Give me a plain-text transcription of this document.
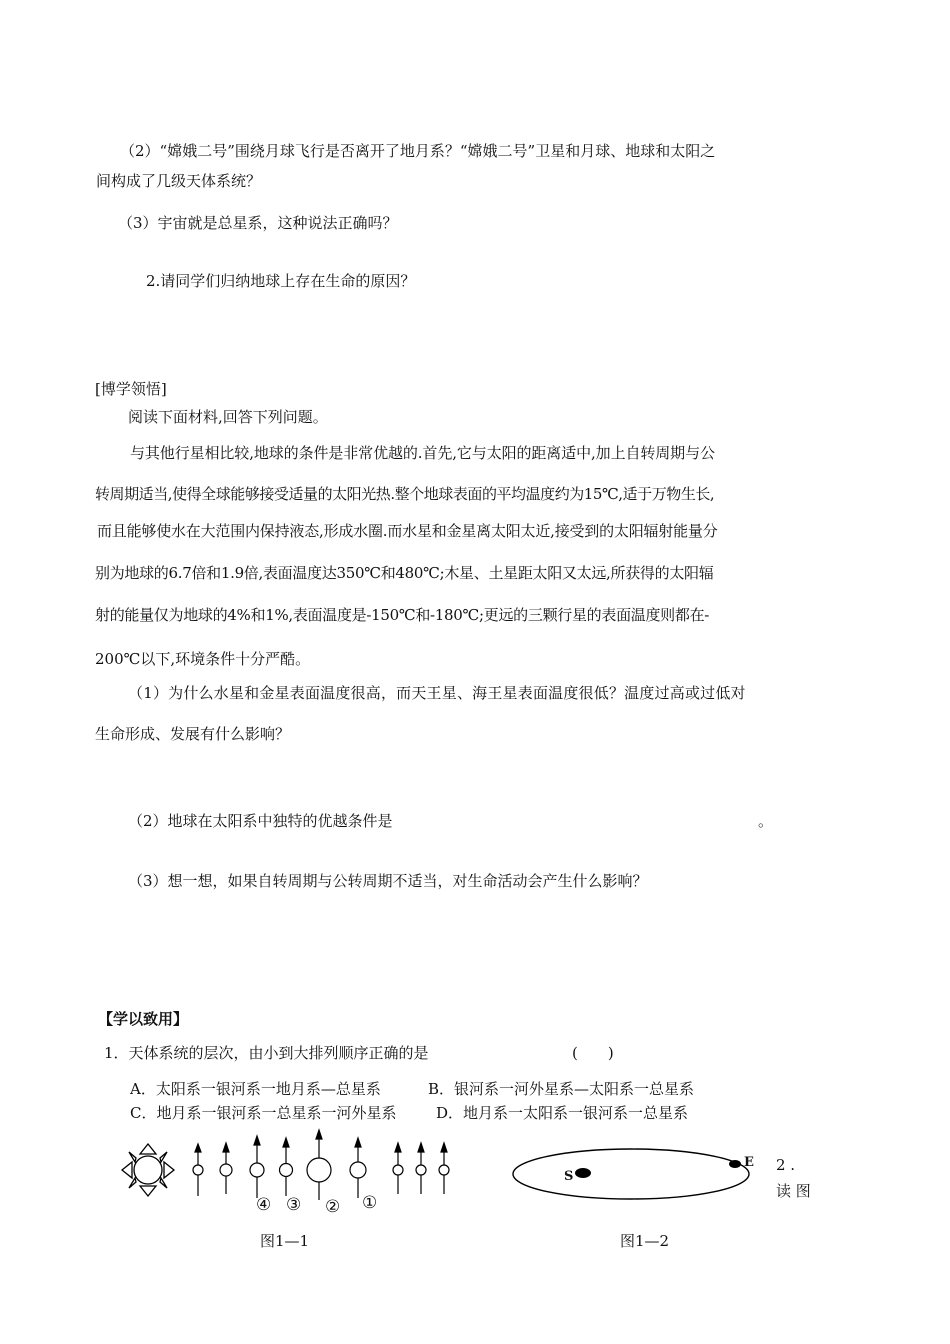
（2）“嫦娥二号”围绕月球飞行是否离开了地月系？“嫦娥二号”卫星和月球、地球和太阳之
间构成了几级天体系统？
（3）宇宙就是总星系，这种说法正确吗？
2.请同学们归纳地球上存在生命的原因？
[博学领悟]
阅读下面材料,回答下列问题。
与其他行星相比较,地球的条件是非常优越的.首先,它与太阳的距离适中,加上自转周期与公
转周期适当,使得全球能够接受适量的太阳光热.整个地球表面的平均温度约为15℃,适于万物生长,
而且能够使水在大范围内保持液态,形成水圈.而水星和金星离太阳太近,接受到的太阳辐射能量分
别为地球的6.7倍和1.9倍,表面温度达350℃和480℃;木星、土星距太阳又太远,所获得的太阳辐
射的能量仅为地球的4%和1%,表面温度是-150℃和-180℃;更远的三颗行星的表面温度则都在-
200℃以下,环境条件十分严酷。
（1）为什么水星和金星表面温度很高，而天王星、海王星表面温度很低？温度过高或过低对
生命形成、发展有什么影响？
（2）地球在太阳系中独特的优越条件是	。
（3）想一想，如果自转周期与公转周期不适当，对生命活动会产生什么影响？
【学以致用】
1．天体系统的层次，由小到大排列顺序正确的是	(　　)
A．太阳系一银河系一地月系—总星系	B．银河系一河外星系—太阳系一总星系
C．地月系一银河系一总星系一河外星系	D．地月系一太阳系一银河系一总星系
④ ③ ② ①
图1—1
S
E
图1—2
2 .
读 图
